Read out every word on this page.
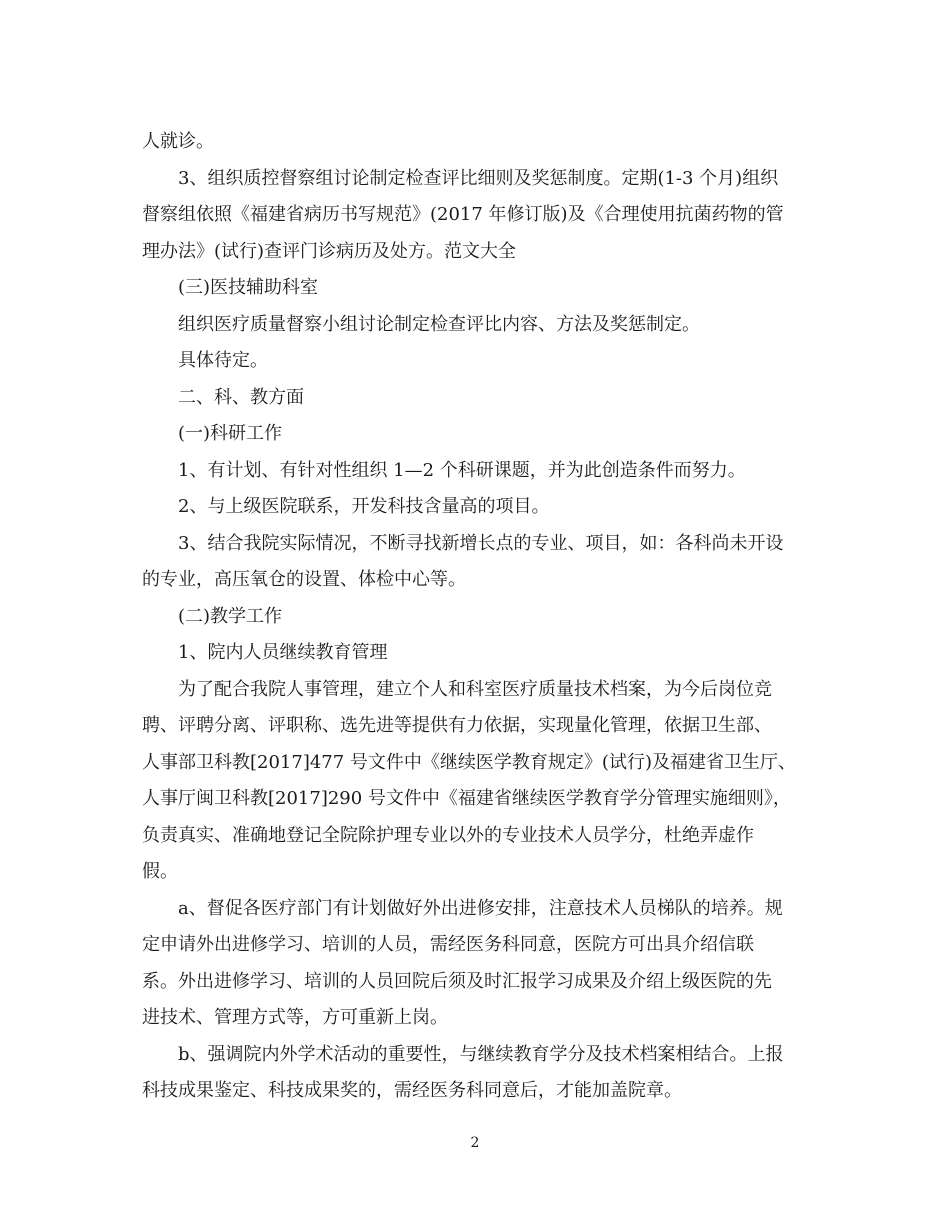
人就诊。
3、组织质控督察组讨论制定检查评比细则及奖惩制度。定期(1-3 个月)组织
督察组依照《福建省病历书写规范》(2017 年修订版)及《合理使用抗菌药物的管
理办法》(试行)查评门诊病历及处方。范文大全
(三)医技辅助科室
组织医疗质量督察小组讨论制定检查评比内容、方法及奖惩制定。
具体待定。
二、科、教方面
(一)科研工作
1、有计划、有针对性组织 1—2 个科研课题，并为此创造条件而努力。
2、与上级医院联系，开发科技含量高的项目。
3、结合我院实际情况，不断寻找新增长点的专业、项目，如：各科尚未开设
的专业，高压氧仓的设置、体检中心等。
(二)教学工作
1、院内人员继续教育管理
为了配合我院人事管理，建立个人和科室医疗质量技术档案，为今后岗位竞
聘、评聘分离、评职称、选先进等提供有力依据，实现量化管理，依据卫生部、
人事部卫科教[2017]477 号文件中《继续医学教育规定》(试行)及福建省卫生厅、
人事厅闽卫科教[2017]290 号文件中《福建省继续医学教育学分管理实施细则》，
负责真实、准确地登记全院除护理专业以外的专业技术人员学分，杜绝弄虚作
假。
a、督促各医疗部门有计划做好外出进修安排，注意技术人员梯队的培养。规
定申请外出进修学习、培训的人员，需经医务科同意，医院方可出具介绍信联
系。外出进修学习、培训的人员回院后须及时汇报学习成果及介绍上级医院的先
进技术、管理方式等，方可重新上岗。
b、强调院内外学术活动的重要性，与继续教育学分及技术档案相结合。上报
科技成果鉴定、科技成果奖的，需经医务科同意后，才能加盖院章。
2
